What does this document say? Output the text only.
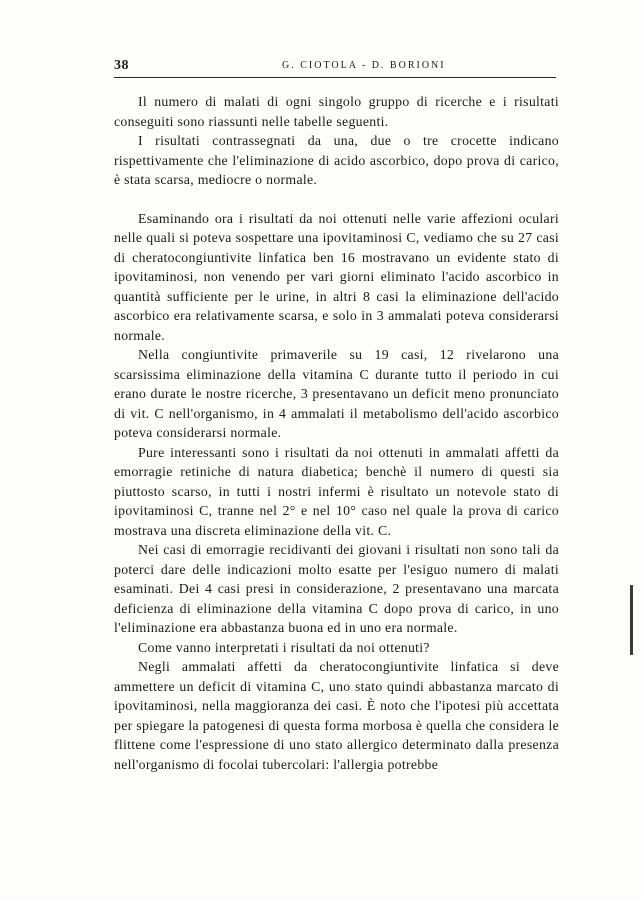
38	G. CIOTOLA - D. BORIONI

Il numero di malati di ogni singolo gruppo di ricerche e i risultati conseguiti sono riassunti nelle tabelle seguenti.

I risultati contrassegnati da una, due o tre crocette indicano rispettivamente che l'eliminazione di acido ascorbico, dopo prova di carico, è stata scarsa, mediocre o normale.

Esaminando ora i risultati da noi ottenuti nelle varie affezioni oculari nelle quali si poteva sospettare una ipovitaminosi C, vediamo che su 27 casi di cheratocongiuntivite linfatica ben 16 mostravano un evidente stato di ipovitaminosi, non venendo per vari giorni eliminato l'acido ascorbico in quantità sufficiente per le urine, in altri 8 casi la eliminazione dell'acido ascorbico era relativamente scarsa, e solo in 3 ammalati poteva considerarsi normale.

Nella congiuntivite primaverile su 19 casi, 12 rivelarono una scarsissima eliminazione della vitamina C durante tutto il periodo in cui erano durate le nostre ricerche, 3 presentavano un deficit meno pronunciato di vit. C nell'organismo, in 4 ammalati il metabolismo dell'acido ascorbico poteva considerarsi normale.

Pure interessanti sono i risultati da noi ottenuti in ammalati affetti da emorragie retiniche di natura diabetica; benchè il numero di questi sia piuttosto scarso, in tutti i nostri infermi è risultato un notevole stato di ipovitaminosi C, tranne nel 2° e nel 10° caso nel quale la prova di carico mostrava una discreta eliminazione della vit. C.

Nei casi di emorragie recidivanti dei giovani i risultati non sono tali da poterci dare delle indicazioni molto esatte per l'esiguo numero di malati esaminati. Dei 4 casi presi in considerazione, 2 presentavano una marcata deficienza di eliminazione della vitamina C dopo prova di carico, in uno l'eliminazione era abbastanza buona ed in uno era normale.

Come vanno interpretati i risultati da noi ottenuti?

Negli ammalati affetti da cheratocongiuntivite linfatica si deve ammettere un deficit di vitamina C, uno stato quindi abbastanza marcato di ipovitaminosi, nella maggioranza dei casi. È noto che l'ipotesi più accettata per spiegare la patogenesi di questa forma morbosa è quella che considera le flittene come l'espressione di uno stato allergico determinato dalla presenza nell'organismo di focolai tubercolari: l'allergia potrebbe
